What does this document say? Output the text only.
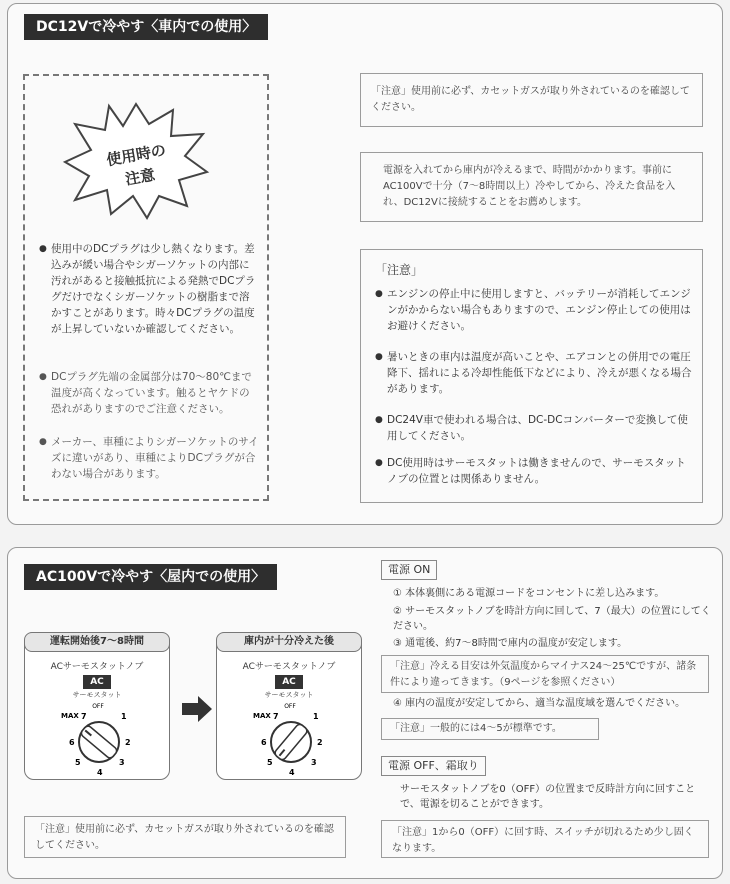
DC12Vで冷やす〈車内での使用〉
使用時の
注意
● 使用中のDCプラグは少し熱くなります。差込みが緩い場合やシガーソケットの内部に汚れがあると接触抵抗による発熱でDCプラグだけでなくシガーソケットの樹脂まで溶かすことがあります。時々DCプラグの温度が上昇していないか確認してください。
● DCプラグ先端の金属部分は70〜80℃まで温度が高くなっています。触るとヤケドの恐れがありますのでご注意ください。
● メーカー、車種によりシガーソケットのサイズに違いがあり、車種によりDCプラグが合わない場合があります。
「注意」使用前に必ず、カセットガスが取り外されているのを確認してください。
電源を入れてから庫内が冷えるまで、時間がかかります。事前にAC100Vで十分（7〜8時間以上）冷やしてから、冷えた食品を入れ、DC12Vに接続することをお薦めします。
「注意」
● エンジンの停止中に使用しますと、バッテリーが消耗してエンジンがかからない場合もありますので、エンジン停止しての使用はお避けください。
● 暑いときの車内は温度が高いことや、エアコンとの併用での電圧降下、揺れによる冷却性能低下などにより、冷えが悪くなる場合があります。
● DC24V車で使われる場合は、DC-DCコンバーターで変換して使用してください。
● DC使用時はサーモスタットは働きませんので、サーモスタットノブの位置とは関係ありません。
AC100Vで冷やす〈屋内での使用〉
運転開始後7〜8時間
ACサーモスタットノブ
AC
サーモスタット
OFF
MAX 7	1
6	2
5	3
4
庫内が十分冷えた後
ACサーモスタットノブ
AC
サーモスタット
OFF
MAX 7	1
6	2
5	3
4
「注意」使用前に必ず、カセットガスが取り外されているのを確認してください。
電源 ON
① 本体裏側にある電源コードをコンセントに差し込みます。
② サーモスタットノブを時計方向に回して、7（最大）の位置にしてください。
③ 通電後、約7〜8時間で庫内の温度が安定します。
「注意」冷える目安は外気温度からマイナス24〜25℃ですが、諸条件により違ってきます。（9ページを参照ください）
④ 庫内の温度が安定してから、適当な温度域を選んでください。
「注意」一般的には4〜5が標準です。
電源 OFF、霜取り
サーモスタットノブを0（OFF）の位置まで反時計方向に回すことで、電源を切ることができます。
「注意」1から0（OFF）に回す時、スイッチが切れるため少し固くなります。
